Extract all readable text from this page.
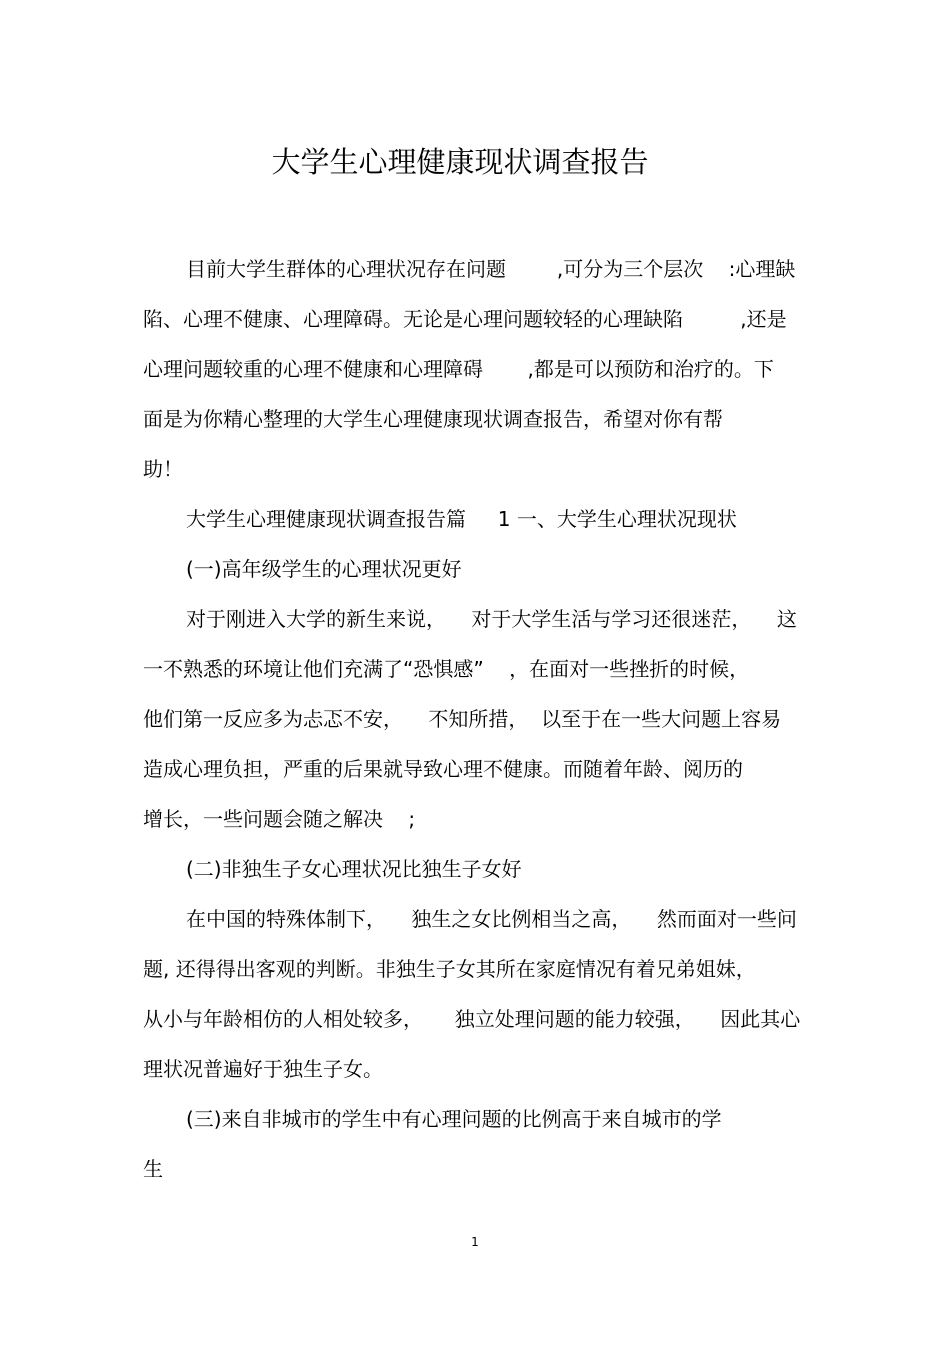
大学生心理健康现状调查报告
目前大学生群体的心理状况存在问题        ,可分为三个层次    :心理缺
陷、心理不健康、心理障碍。无论是心理问题较轻的心理缺陷         ,还是
心理问题较重的心理不健康和心理障碍       ,都是可以预防和治疗的。下
面是为你精心整理的大学生心理健康现状调查报告，希望对你有帮
助！
大学生心理健康现状调查报告篇     1 一、大学生心理状况现状
(一)高年级学生的心理状况更好
对于刚进入大学的新生来说，    对于大学生活与学习还很迷茫，    这
一不熟悉的环境让他们充满了“恐惧感”    ，在面对一些挫折的时候，
他们第一反应多为忐忑不安，    不知所措，  以至于在一些大问题上容易
造成心理负担，严重的后果就导致心理不健康。而随着年龄、阅历的
增长，一些问题会随之解决    ;
(二)非独生子女心理状况比独生子女好
在中国的特殊体制下，    独生之女比例相当之高，    然而面对一些问
题, 还得得出客观的判断。非独生子女其所在家庭情况有着兄弟姐妹，
从小与年龄相仿的人相处较多，     独立处理问题的能力较强，    因此其心
理状况普遍好于独生子女。
(三)来自非城市的学生中有心理问题的比例高于来自城市的学
生
1
